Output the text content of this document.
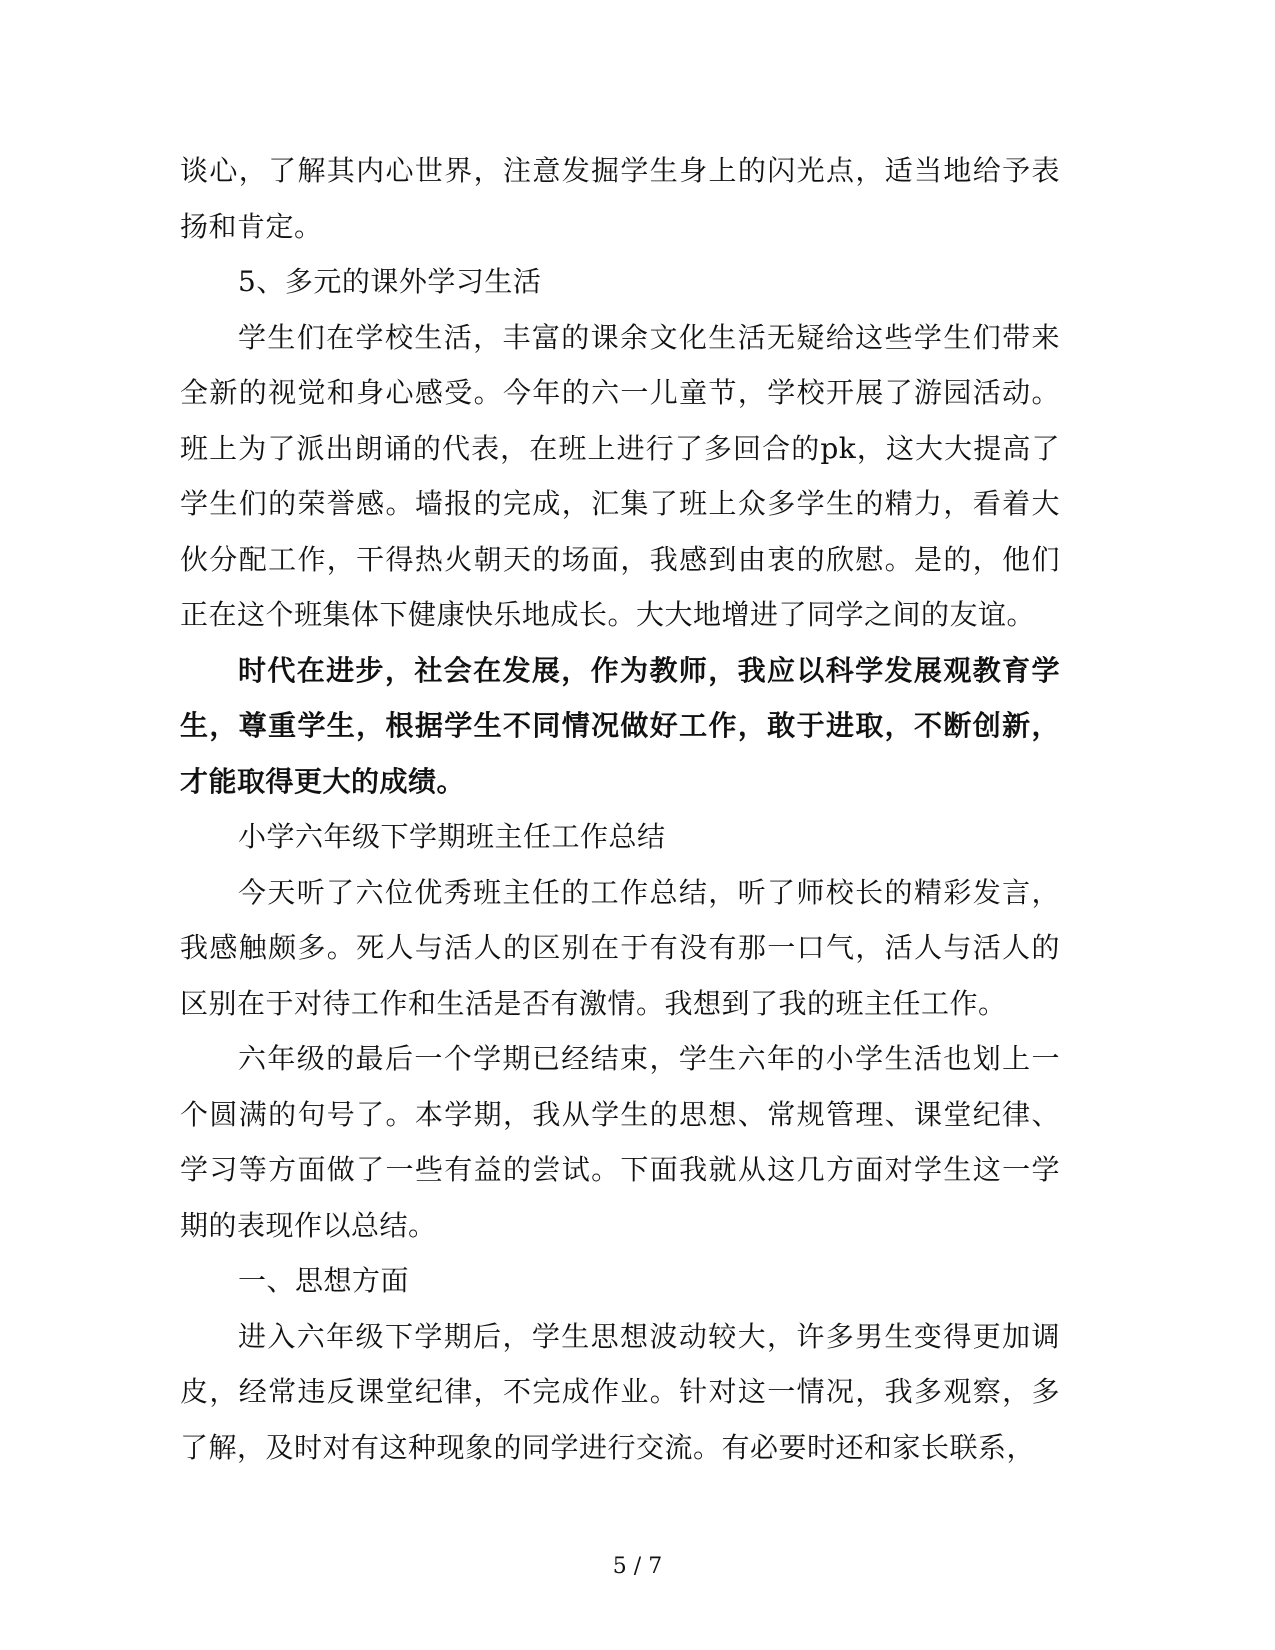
谈心，了解其内心世界，注意发掘学生身上的闪光点，适当地给予表扬和肯定。

5、多元的课外学习生活

学生们在学校生活，丰富的课余文化生活无疑给这些学生们带来全新的视觉和身心感受。今年的六一儿童节，学校开展了游园活动。班上为了派出朗诵的代表，在班上进行了多回合的pk，这大大提高了学生们的荣誉感。墙报的完成，汇集了班上众多学生的精力，看着大伙分配工作，干得热火朝天的场面，我感到由衷的欣慰。是的，他们正在这个班集体下健康快乐地成长。大大地增进了同学之间的友谊。

时代在进步，社会在发展，作为教师，我应以科学发展观教育学生，尊重学生，根据学生不同情况做好工作，敢于进取，不断创新，才能取得更大的成绩。

小学六年级下学期班主任工作总结

今天听了六位优秀班主任的工作总结，听了师校长的精彩发言，我感触颇多。死人与活人的区别在于有没有那一口气，活人与活人的区别在于对待工作和生活是否有激情。我想到了我的班主任工作。

六年级的最后一个学期已经结束，学生六年的小学生活也划上一个圆满的句号了。本学期，我从学生的思想、常规管理、课堂纪律、学习等方面做了一些有益的尝试。下面我就从这几方面对学生这一学期的表现作以总结。

一、思想方面

进入六年级下学期后，学生思想波动较大，许多男生变得更加调皮，经常违反课堂纪律，不完成作业。针对这一情况，我多观察，多了解，及时对有这种现象的同学进行交流。有必要时还和家长联系，

5 / 7
